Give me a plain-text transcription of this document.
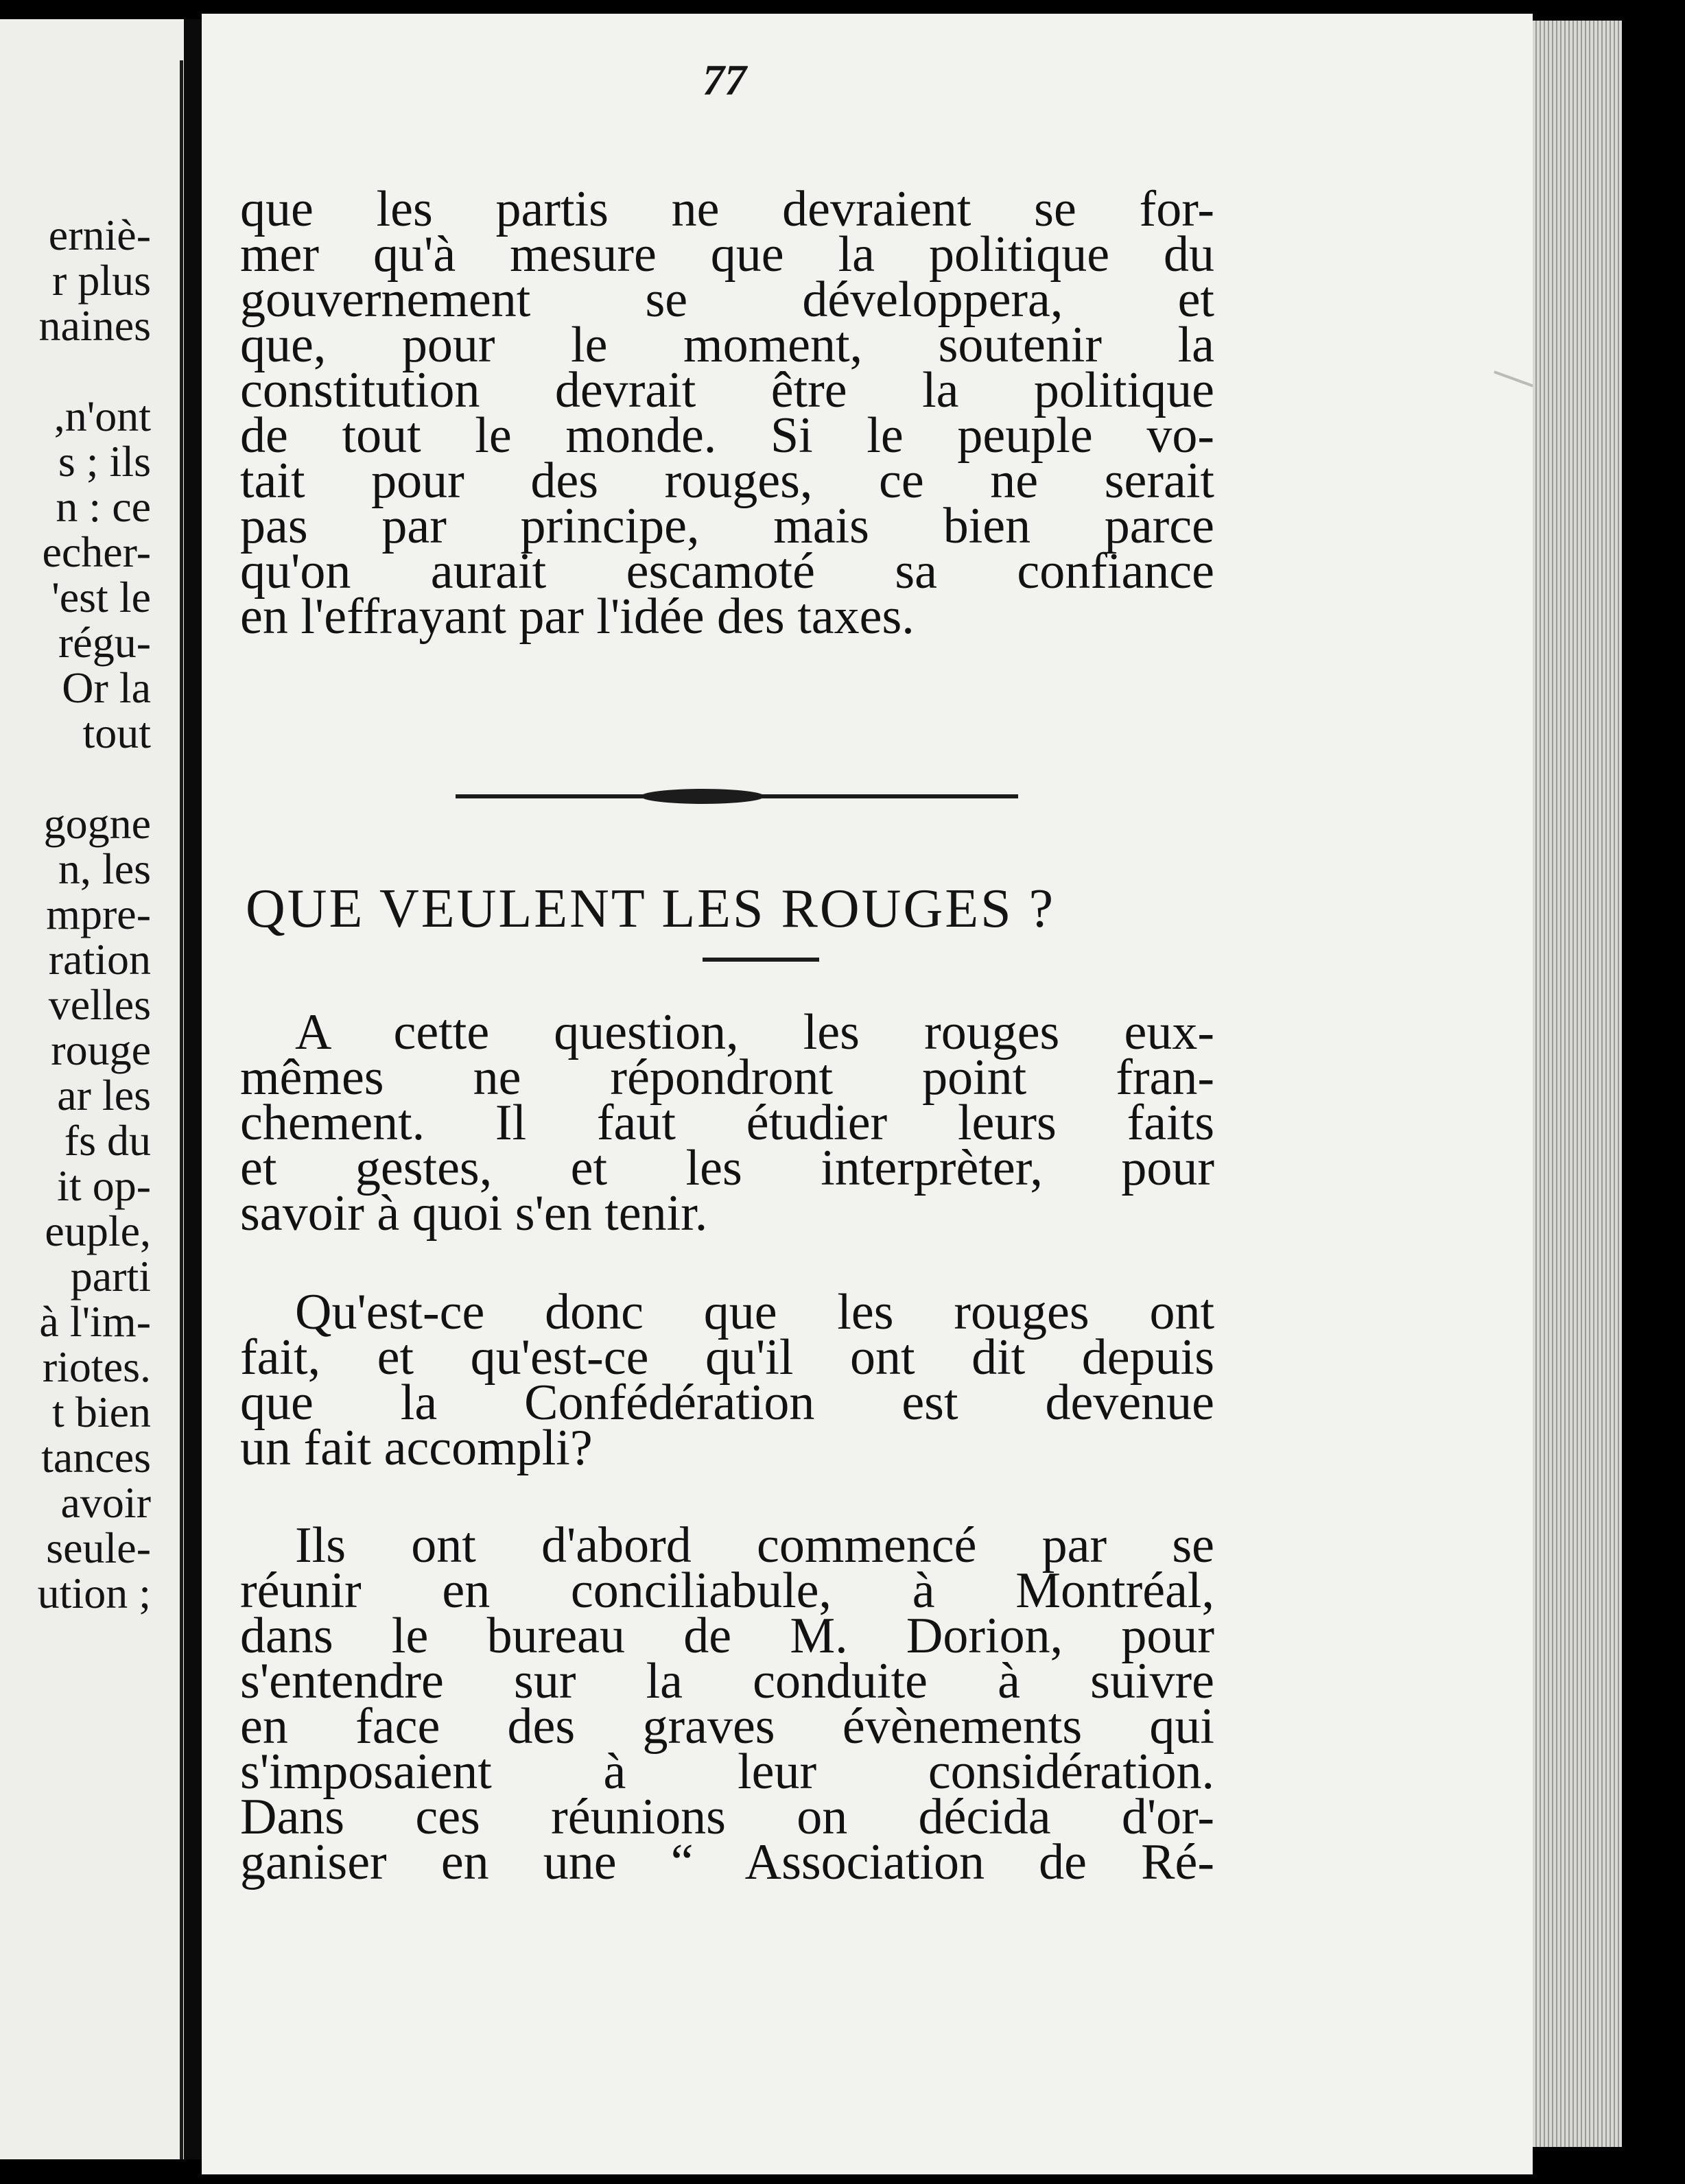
erniè-
r plus
naines
,n'ont
s ; ils
n : ce
echer-
'est le
régu-
Or la
tout
gogne
n, les
mpre-
ration
velles
rouge
ar les
fs du
it op-
euple,
parti
à l'im-
riotes.
t bien
tances
avoir
seule-
ution ;
77
que les partis ne devraient se for-
mer qu'à mesure que la politique du
gouvernement se développera, et
que, pour le moment, soutenir la
constitution devrait être la politique
de tout le monde. Si le peuple vo-
tait pour des rouges, ce ne serait
pas par principe, mais bien parce
qu'on aurait escamoté sa confiance
en l'effrayant par l'idée des taxes.
QUE VEULENT LES ROUGES ?
A cette question, les rouges eux-
mêmes ne répondront point fran-
chement. Il faut étudier leurs faits
et gestes, et les interprèter, pour
savoir à quoi s'en tenir.
Qu'est-ce donc que les rouges ont
fait, et qu'est-ce qu'il ont dit depuis
que la Confédération est devenue
un fait accompli?
Ils ont d'abord commencé par se
réunir en conciliabule, à Montréal,
dans le bureau de M. Dorion, pour
s'entendre sur la conduite à suivre
en face des graves évènements qui
s'imposaient à leur considération.
Dans ces réunions on décida d'or-
ganiser en une “ Association de Ré-
